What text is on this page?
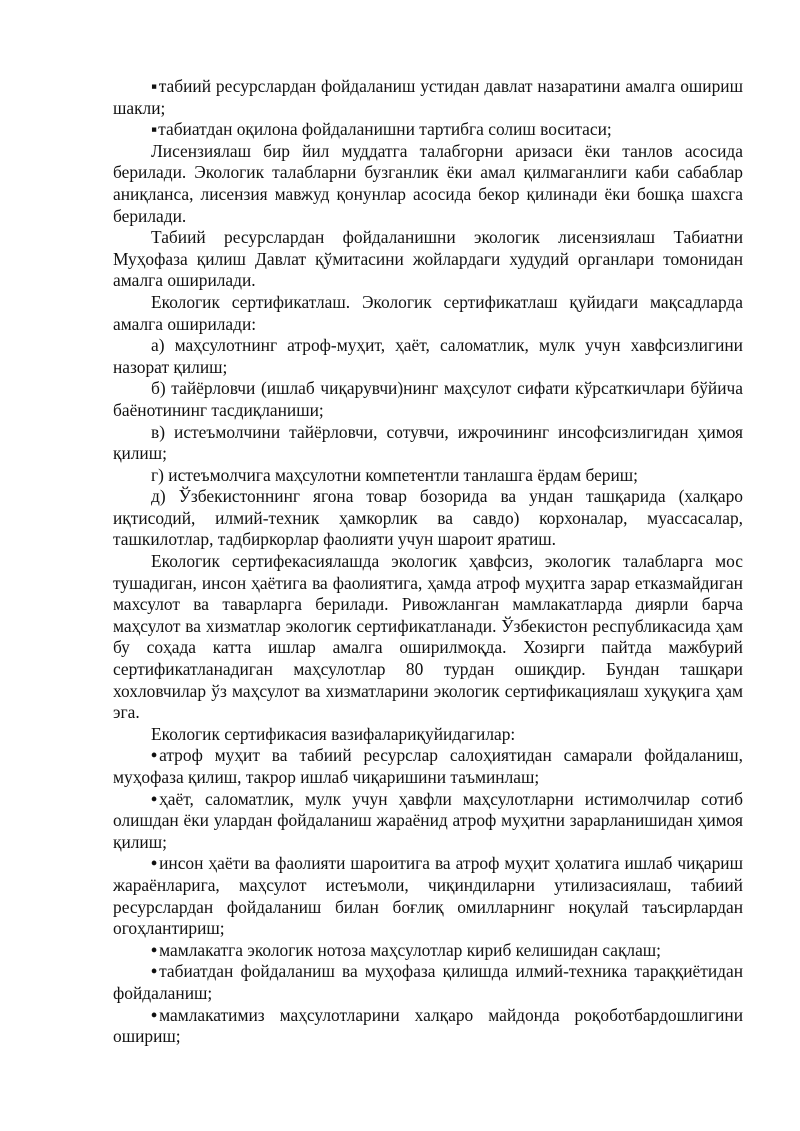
▪ табиий ресурслардан фойдаланиш устидан давлат назаратини амалга ошириш шакли;

▪ табиатдан оқилона фойдаланишни тартибга солиш воситаси;

Лисензиялаш бир йил муддатга талабгорни аризаси ёки танлов асосида берилади. Экологик талабларни бузганлик ёки амал қилмаганлиги каби сабаблар аниқланса, лисензия мавжуд қонунлар асосида бекор қилинади ёки бошқа шахсга берилади.

Табиий ресурслардан фойдаланишни экологик лисензиялаш Табиатни Муҳофаза қилиш Давлат қўмитасини жойлардаги худудий органлари томонидан амалга оширилади.

Екологик сертификатлаш. Экологик сертификатлаш қуйидаги мақсадларда амалга оширилади:

а) маҳсулотнинг атроф-муҳит, ҳаёт, саломатлик, мулк учун хавфсизлигини назорат қилиш;

б) тайёрловчи (ишлаб чиқарувчи)нинг маҳсулот сифати кўрсаткичлари бўйича баёнотининг тасдиқланиши;

в) истеъмолчини тайёрловчи, сотувчи, ижрочининг инсофсизлигидан ҳимоя қилиш;

г) истеъмолчига маҳсулотни компетентли танлашга ёрдам бериш;

д) Ўзбекистоннинг ягона товар бозорида ва ундан ташқарида (халқаро иқтисодий, илмий-техник ҳамкорлик ва савдо) корхоналар, муассасалар, ташкилотлар, тадбиркорлар фаолияти учун шароит яратиш.

Екологик сертифекасиялашда экологик ҳавфсиз, экологик талабларга мос тушадиган, инсон ҳаётига ва фаолиятига, ҳамда атроф муҳитга зарар етказмайдиган махсулот ва таварларга берилади. Ривожланган мамлакатларда диярли барча маҳсулот ва хизматлар экологик сертификатланади. Ўзбекистон республикасида ҳам бу соҳада катта ишлар амалга оширилмоқда. Хозирги пайтда мажбурий сертификатланадиган маҳсулотлар 80 турдан ошиқдир. Бундан ташқари хохловчилар ўз маҳсулот ва хизматларини экологик сертификациялаш хуқуқига ҳам эга.

Екологик сертификасия вазифалариқуйидагилар:

• атроф муҳит ва табиий ресурслар салоҳиятидан самарали фойдаланиш, муҳофаза қилиш, такрор ишлаб чиқаришини таъминлаш;

• ҳаёт, саломатлик, мулк учун ҳавфли маҳсулотларни истимолчилар сотиб олишдан ёки улардан фойдаланиш жараёнид атроф муҳитни зарарланишидан ҳимоя қилиш;

• инсон ҳаёти ва фаолияти шароитига ва атроф муҳит ҳолатига ишлаб чиқариш жараёнларига, маҳсулот истеъмоли, чиқиндиларни утилизасиялаш, табиий ресурслардан фойдаланиш билан боғлиқ омилларнинг ноқулай таъсирлардан огоҳлантириш;

• мамлакатга экологик нотоза маҳсулотлар кириб келишидан сақлаш;

• табиатдан фойдаланиш ва муҳофаза қилишда илмий-техника тараққиётидан фойдаланиш;

• мамлакатимиз маҳсулотларини халқаро майдонда роқоботбардошлигини ошириш;
